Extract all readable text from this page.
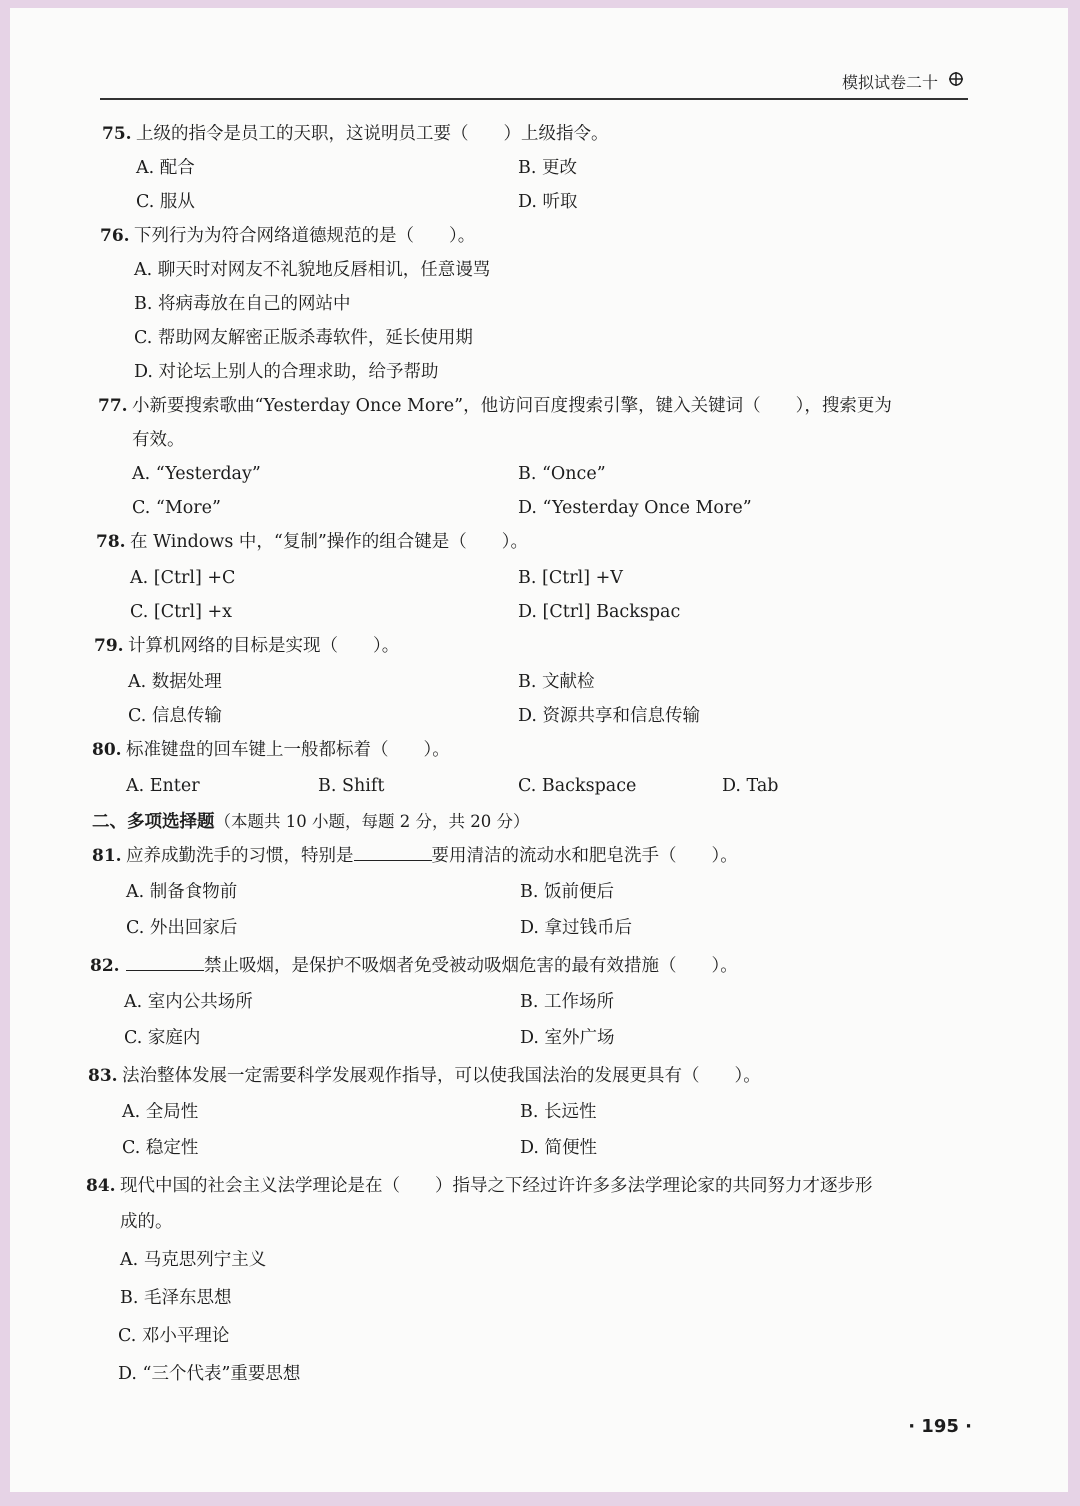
模拟试卷二十
75. 上级的指令是员工的天职，这说明员工要（　　）上级指令。
A. 配合	B. 更改
C. 服从	D. 听取
76. 下列行为为符合网络道德规范的是（　　）。
A. 聊天时对网友不礼貌地反唇相讥，任意谩骂
B. 将病毒放在自己的网站中
C. 帮助网友解密正版杀毒软件，延长使用期
D. 对论坛上别人的合理求助，给予帮助
77. 小新要搜索歌曲“Yesterday Once More”，他访问百度搜索引擎，键入关键词（　　），搜索更为
有效。
A. “Yesterday”	B. “Once”
C. “More”	D. “Yesterday Once More”
78. 在 Windows 中，“复制”操作的组合键是（　　）。
A. [Ctrl] +C	B. [Ctrl] +V
C. [Ctrl] +x	D. [Ctrl] Backspac
79. 计算机网络的目标是实现（　　）。
A. 数据处理	B. 文献检
C. 信息传输	D. 资源共享和信息传输
80. 标准键盘的回车键上一般都标着（　　）。
A. Enter	B. Shift	C. Backspace	D. Tab
二、多项选择题（本题共 10 小题，每题 2 分，共 20 分）
81. 应养成勤洗手的习惯，特别是	要用清洁的流动水和肥皂洗手（　　）。
A. 制备食物前	B. 饭前便后
C. 外出回家后	D. 拿过钱币后
82.	禁止吸烟，是保护不吸烟者免受被动吸烟危害的最有效措施（　　）。
A. 室内公共场所	B. 工作场所
C. 家庭内	D. 室外广场
83. 法治整体发展一定需要科学发展观作指导，可以使我国法治的发展更具有（　　）。
A. 全局性	B. 长远性
C. 稳定性	D. 简便性
84. 现代中国的社会主义法学理论是在（　　）指导之下经过许许多多法学理论家的共同努力才逐步形
成的。
A. 马克思列宁主义
B. 毛泽东思想
C. 邓小平理论
D. “三个代表”重要思想
· 195 ·
